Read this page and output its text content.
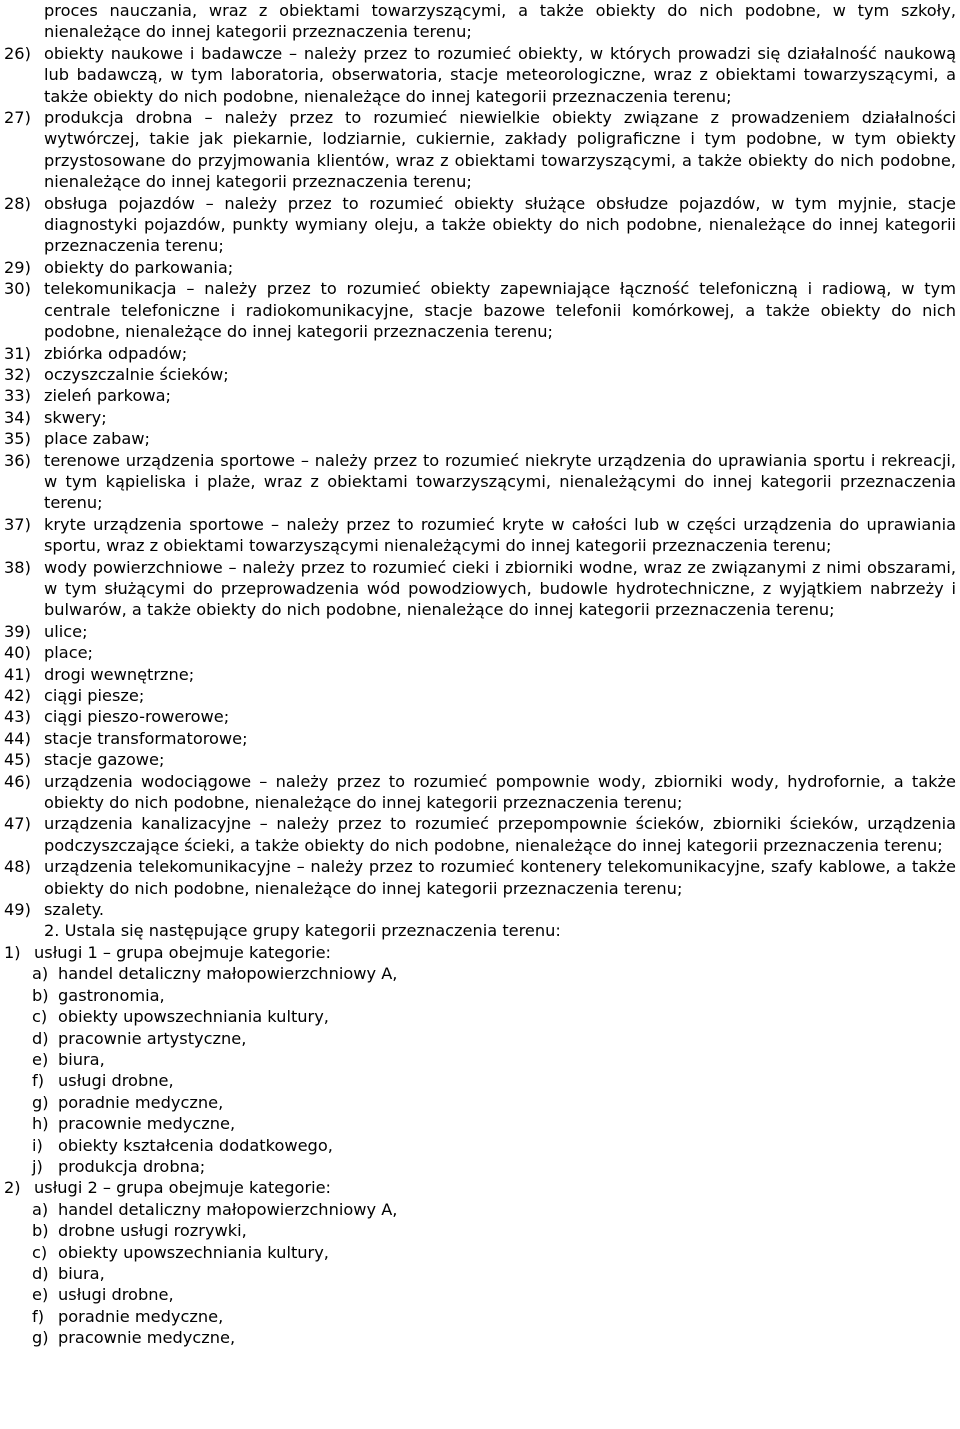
proces nauczania, wraz z obiektami towarzyszącymi, a także obiekty do nich podobne, w tym szkoły, nienależące do innej kategorii przeznaczenia terenu;
26) obiekty naukowe i badawcze – należy przez to rozumieć obiekty, w których prowadzi się działalność naukową lub badawczą, w tym laboratoria, obserwatoria, stacje meteorologiczne, wraz z obiektami towarzyszącymi, a także obiekty do nich podobne, nienależące do innej kategorii przeznaczenia terenu;
27) produkcja drobna – należy przez to rozumieć niewielkie obiekty związane z prowadzeniem działalności wytwórczej, takie jak piekarnie, lodziarnie, cukiernie, zakłady poligraficzne i tym podobne, w tym obiekty przystosowane do przyjmowania klientów, wraz z obiektami towarzyszącymi, a także obiekty do nich podobne, nienależące do innej kategorii przeznaczenia terenu;
28) obsługa pojazdów – należy przez to rozumieć obiekty służące obsłudze pojazdów, w tym myjnie, stacje diagnostyki pojazdów, punkty wymiany oleju, a także obiekty do nich podobne, nienależące do innej kategorii przeznaczenia terenu;
29) obiekty do parkowania;
30) telekomunikacja – należy przez to rozumieć obiekty zapewniające łączność telefoniczną i radiową, w tym centrale telefoniczne i radiokomunikacyjne, stacje bazowe telefonii komórkowej, a także obiekty do nich podobne, nienależące do innej kategorii przeznaczenia terenu;
31) zbiórka odpadów;
32) oczyszczalnie ścieków;
33) zieleń parkowa;
34) skwery;
35) place zabaw;
36) terenowe urządzenia sportowe – należy przez to rozumieć niekryte urządzenia do uprawiania sportu i rekreacji, w tym kąpieliska i plaże, wraz z obiektami towarzyszącymi, nienależącymi do innej kategorii przeznaczenia terenu;
37) kryte urządzenia sportowe – należy przez to rozumieć kryte w całości lub w części urządzenia do uprawiania sportu, wraz z obiektami towarzyszącymi nienależącymi do innej kategorii przeznaczenia terenu;
38) wody powierzchniowe – należy przez to rozumieć cieki i zbiorniki wodne, wraz ze związanymi z nimi obszarami, w tym służącymi do przeprowadzenia wód powodziowych, budowle hydrotechniczne, z wyjątkiem nabrzeży i bulwarów, a także obiekty do nich podobne, nienależące do innej kategorii przeznaczenia terenu;
39) ulice;
40) place;
41) drogi wewnętrzne;
42) ciągi piesze;
43) ciągi pieszo-rowerowe;
44) stacje transformatorowe;
45) stacje gazowe;
46) urządzenia wodociągowe – należy przez to rozumieć pompownie wody, zbiorniki wody, hydrofornie, a także obiekty do nich podobne, nienależące do innej kategorii przeznaczenia terenu;
47) urządzenia kanalizacyjne – należy przez to rozumieć przepompownie ścieków, zbiorniki ścieków, urządzenia podczyszczające ścieki, a także obiekty do nich podobne, nienależące do innej kategorii przeznaczenia terenu;
48) urządzenia telekomunikacyjne – należy przez to rozumieć kontenery telekomunikacyjne, szafy kablowe, a także obiekty do nich podobne, nienależące do innej kategorii przeznaczenia terenu;
49) szalety.
2. Ustala się następujące grupy kategorii przeznaczenia terenu:
1) usługi 1 – grupa obejmuje kategorie:
a) handel detaliczny małopowierzchniowy A,
b) gastronomia,
c) obiekty upowszechniania kultury,
d) pracownie artystyczne,
e) biura,
f) usługi drobne,
g) poradnie medyczne,
h) pracownie medyczne,
i) obiekty kształcenia dodatkowego,
j) produkcja drobna;
2) usługi 2 – grupa obejmuje kategorie:
a) handel detaliczny małopowierzchniowy A,
b) drobne usługi rozrywki,
c) obiekty upowszechniania kultury,
d) biura,
e) usługi drobne,
f) poradnie medyczne,
g) pracownie medyczne,
